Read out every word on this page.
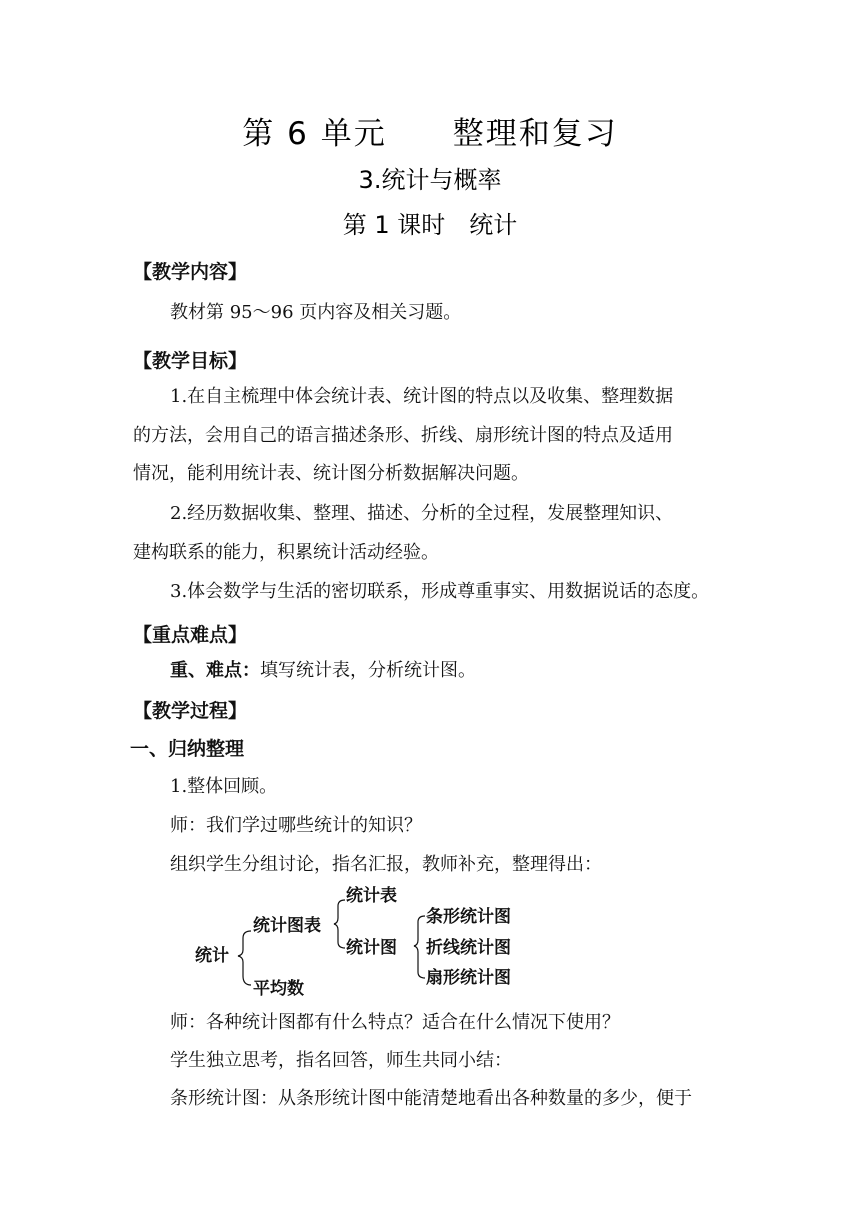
第 6 单元　　整理和复习
3.统计与概率
第 1 课时　统计
【教学内容】
教材第 95～96 页内容及相关习题。
【教学目标】
1.在自主梳理中体会统计表、统计图的特点以及收集、整理数据
的方法，会用自己的语言描述条形、折线、扇形统计图的特点及适用
情况，能利用统计表、统计图分析数据解决问题。
2.经历数据收集、整理、描述、分析的全过程，发展整理知识、
建构联系的能力，积累统计活动经验。
3.体会数学与生活的密切联系，形成尊重事实、用数据说话的态度。
【重点难点】
重、难点：填写统计表，分析统计图。
【教学过程】
一、归纳整理
1.整体回顾。
师：我们学过哪些统计的知识？
组织学生分组讨论，指名汇报，教师补充，整理得出：
统计
统计图表
平均数
统计表
统计图
条形统计图
折线统计图
扇形统计图
师：各种统计图都有什么特点？适合在什么情况下使用？
学生独立思考，指名回答，师生共同小结：
条形统计图：从条形统计图中能清楚地看出各种数量的多少，便于
